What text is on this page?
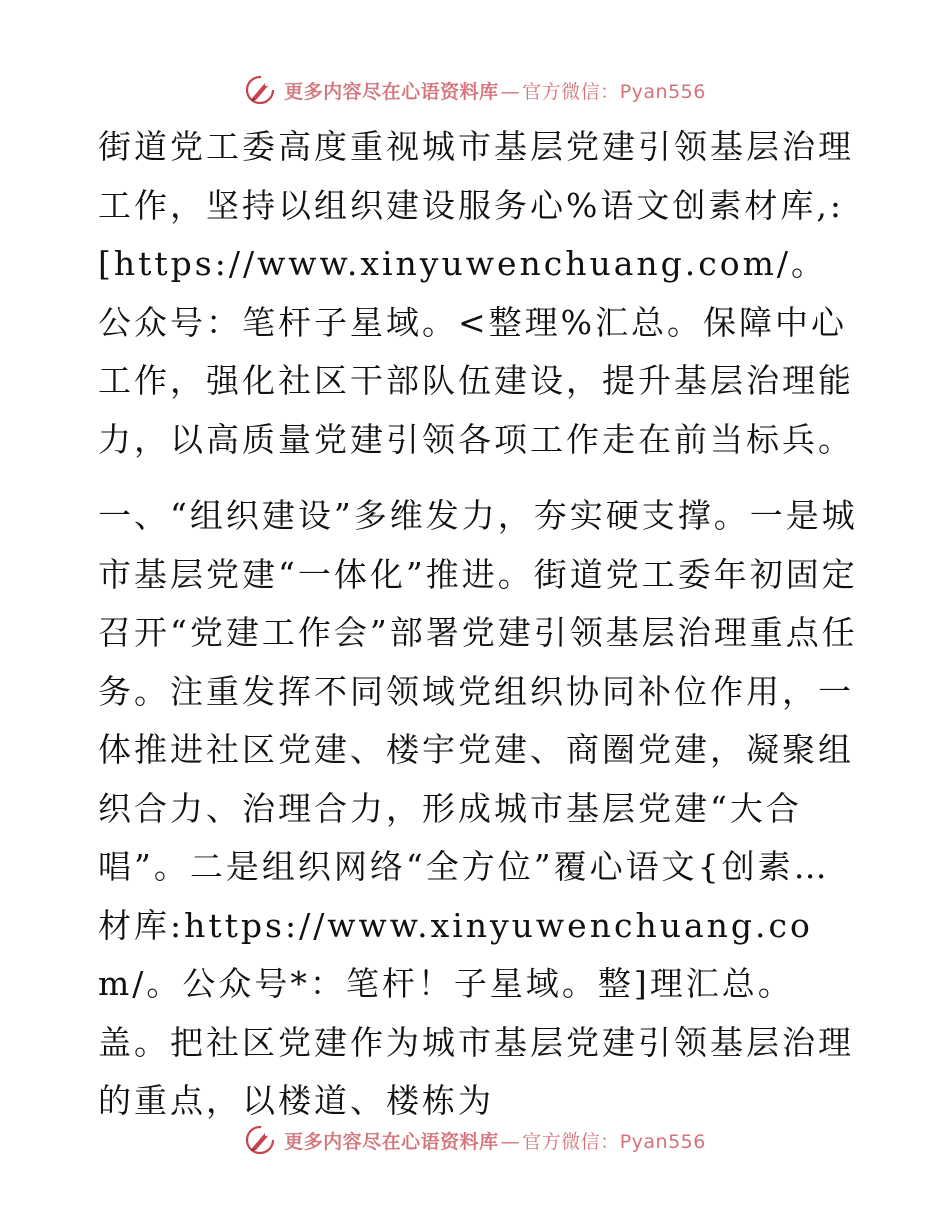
更多内容尽在心语资料库 — 官方微信：Pyan556

街道党工委高度重视城市基层党建引领基层治理工作，坚持以组织建设服务心%语文创素材库,:[https://www.xinyuwenchuang.com/。公众号：笔杆子星域。<整理%汇总。保障中心工作，强化社区干部队伍建设，提升基层治理能力，以高质量党建引领各项工作走在前当标兵。

一、“组织建设”多维发力，夯实硬支撑。一是城市基层党建“一体化”推进。街道党工委年初固定召开“党建工作会”部署党建引领基层治理重点任务。注重发挥不同领域党组织协同补位作用，一体推进社区党建、楼宇党建、商圈党建，凝聚组织合力、治理合力，形成城市基层党建“大合唱”。二是组织网络“全方位”覆心语文{创素…材库:https://www.xinyuwenchuang.com/。公众号*：笔杆！子星域。整]理汇总。盖。把社区党建作为城市基层党建引领基层治理的重点，以楼道、楼栋为

更多内容尽在心语资料库 — 官方微信：Pyan556
